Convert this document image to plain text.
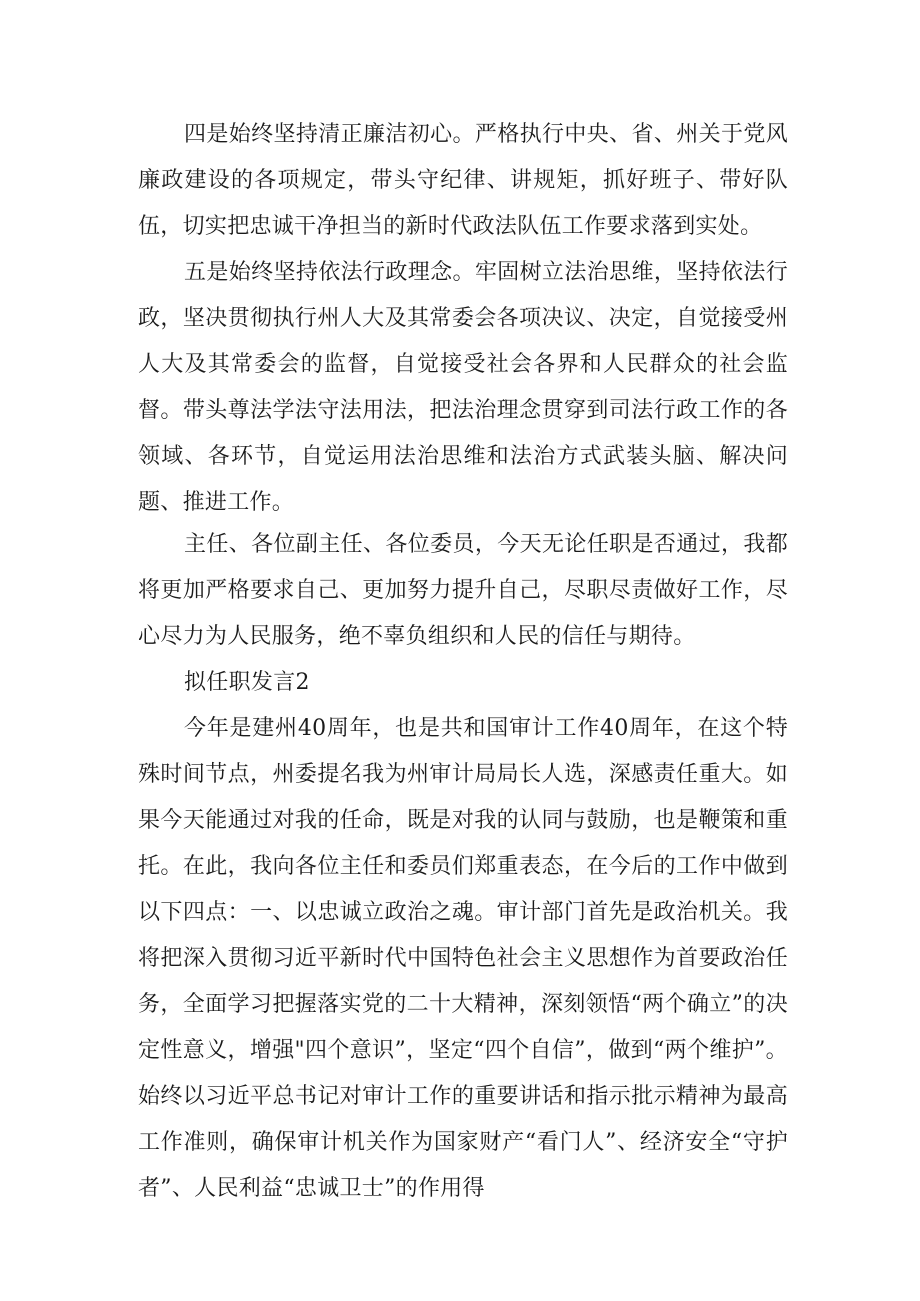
四是始终坚持清正廉洁初心。严格执行中央、省、州关于党风廉政建设的各项规定，带头守纪律、讲规矩，抓好班子、带好队伍，切实把忠诚干净担当的新时代政法队伍工作要求落到实处。

五是始终坚持依法行政理念。牢固树立法治思维，坚持依法行政，坚决贯彻执行州人大及其常委会各项决议、决定，自觉接受州人大及其常委会的监督，自觉接受社会各界和人民群众的社会监督。带头尊法学法守法用法，把法治理念贯穿到司法行政工作的各领域、各环节，自觉运用法治思维和法治方式武装头脑、解决问题、推进工作。

主任、各位副主任、各位委员，今天无论任职是否通过，我都将更加严格要求自己、更加努力提升自己，尽职尽责做好工作，尽心尽力为人民服务，绝不辜负组织和人民的信任与期待。

拟任职发言2

今年是建州40周年，也是共和国审计工作40周年，在这个特殊时间节点，州委提名我为州审计局局长人选，深感责任重大。如果今天能通过对我的任命，既是对我的认同与鼓励，也是鞭策和重托。在此，我向各位主任和委员们郑重表态，在今后的工作中做到以下四点：一、以忠诚立政治之魂。审计部门首先是政治机关。我将把深入贯彻习近平新时代中国特色社会主义思想作为首要政治任务，全面学习把握落实党的二十大精神，深刻领悟“两个确立”的决定性意义，增强"四个意识”，坚定“四个自信”，做到“两个维护”。始终以习近平总书记对审计工作的重要讲话和指示批示精神为最高工作准则，确保审计机关作为国家财产“看门人”、经济安全“守护者”、人民利益“忠诚卫士”的作用得
